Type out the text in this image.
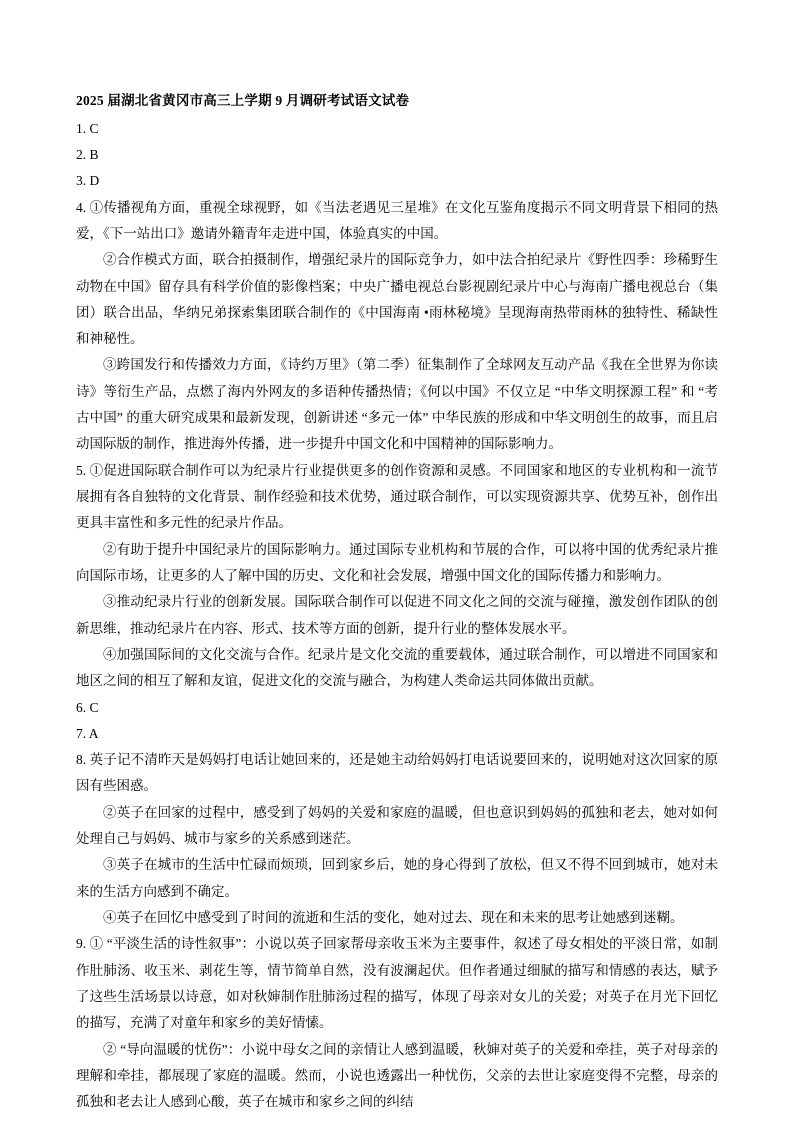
2025 届湖北省黄冈市高三上学期 9 月调研考试语文试卷

1. C

2. B

3. D

4. ①传播视角方面，重视全球视野，如《当法老遇见三星堆》在文化互鉴角度揭示不同文明背景下相同的热爱，《下一站出口》邀请外籍青年走进中国，体验真实的中国。

②合作模式方面，联合拍摄制作，增强纪录片的国际竞争力，如中法合拍纪录片《野性四季：珍稀野生动物在中国》留存具有科学价值的影像档案；中央广播电视总台影视剧纪录片中心与海南广播电视总台（集团）联合出品，华纳兄弟探索集团联合制作的《中国海南 •雨林秘境》呈现海南热带雨林的独特性、稀缺性和神秘性。

③跨国发行和传播效力方面，《诗约万里》（第二季）征集制作了全球网友互动产品《我在全世界为你读诗》等衍生产品，点燃了海内外网友的多语种传播热情；《何以中国》不仅立足 “中华文明探源工程” 和 “考古中国” 的重大研究成果和最新发现，创新讲述 “多元一体” 中华民族的形成和中华文明创生的故事，而且启动国际版的制作，推进海外传播，进一步提升中国文化和中国精神的国际影响力。

5. ①促进国际联合制作可以为纪录片行业提供更多的创作资源和灵感。不同国家和地区的专业机构和一流节展拥有各自独特的文化背景、制作经验和技术优势，通过联合制作，可以实现资源共享、优势互补，创作出更具丰富性和多元性的纪录片作品。

②有助于提升中国纪录片的国际影响力。通过国际专业机构和节展的合作，可以将中国的优秀纪录片推向国际市场，让更多的人了解中国的历史、文化和社会发展，增强中国文化的国际传播力和影响力。

③推动纪录片行业的创新发展。国际联合制作可以促进不同文化之间的交流与碰撞，激发创作团队的创新思维，推动纪录片在内容、形式、技术等方面的创新，提升行业的整体发展水平。

④加强国际间的文化交流与合作。纪录片是文化交流的重要载体，通过联合制作，可以增进不同国家和地区之间的相互了解和友谊，促进文化的交流与融合，为构建人类命运共同体做出贡献。

6. C

7. A

8. 英子记不清昨天是妈妈打电话让她回来的，还是她主动给妈妈打电话说要回来的，说明她对这次回家的原因有些困惑。

②英子在回家的过程中，感受到了妈妈的关爱和家庭的温暖，但也意识到妈妈的孤独和老去，她对如何处理自己与妈妈、城市与家乡的关系感到迷茫。

③英子在城市的生活中忙碌而烦琐，回到家乡后，她的身心得到了放松，但又不得不回到城市，她对未来的生活方向感到不确定。

④英子在回忆中感受到了时间的流逝和生活的变化，她对过去、现在和未来的思考让她感到迷糊。

9. ① “平淡生活的诗性叙事”：小说以英子回家帮母亲收玉米为主要事件，叙述了母女相处的平淡日常，如制作肚肺汤、收玉米、剥花生等，情节简单自然，没有波澜起伏。但作者通过细腻的描写和情感的表达，赋予了这些生活场景以诗意，如对秋婶制作肚肺汤过程的描写，体现了母亲对女儿的关爱；对英子在月光下回忆的描写，充满了对童年和家乡的美好情愫。

② “导向温暖的忧伤”：小说中母女之间的亲情让人感到温暖，秋婶对英子的关爱和牵挂，英子对母亲的理解和牵挂，都展现了家庭的温暖。然而，小说也透露出一种忧伤，父亲的去世让家庭变得不完整，母亲的孤独和老去让人感到心酸，英子在城市和家乡之间的纠结
